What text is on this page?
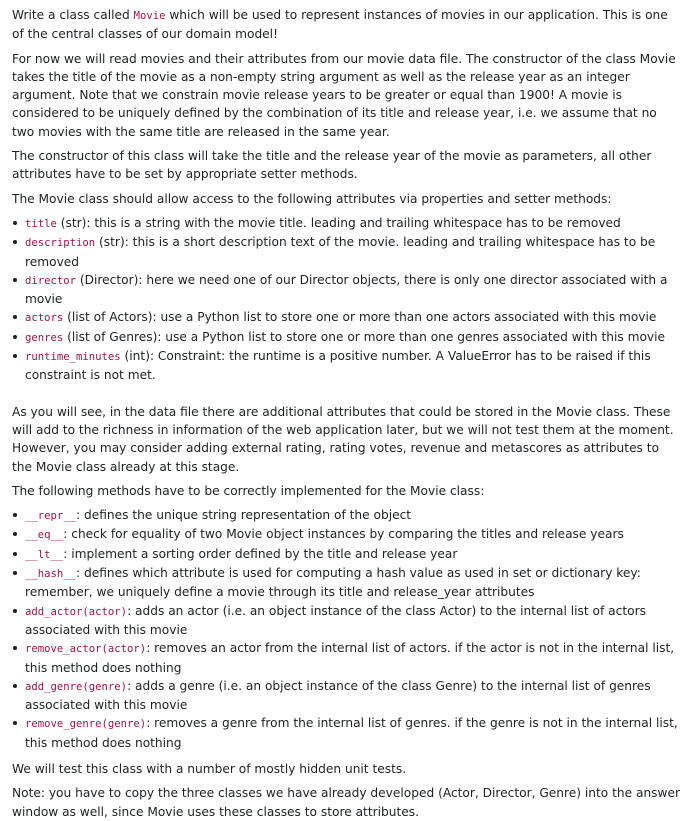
Write a class called Movie which will be used to represent instances of movies in our application. This is one of the central classes of our domain model!

For now we will read movies and their attributes from our movie data file. The constructor of the class Movie takes the title of the movie as a non-empty string argument as well as the release year as an integer argument. Note that we constrain movie release years to be greater or equal than 1900! A movie is considered to be uniquely defined by the combination of its title and release year, i.e. we assume that no two movies with the same title are released in the same year.

The constructor of this class will take the title and the release year of the movie as parameters, all other attributes have to be set by appropriate setter methods.

The Movie class should allow access to the following attributes via properties and setter methods:

title (str): this is a string with the movie title. leading and trailing whitespace has to be removed
description (str): this is a short description text of the movie. leading and trailing whitespace has to be removed
director (Director): here we need one of our Director objects, there is only one director associated with a movie
actors (list of Actors): use a Python list to store one or more than one actors associated with this movie
genres (list of Genres): use a Python list to store one or more than one genres associated with this movie
runtime_minutes (int): Constraint: the runtime is a positive number. A ValueError has to be raised if this constraint is not met.

As you will see, in the data file there are additional attributes that could be stored in the Movie class. These will add to the richness in information of the web application later, but we will not test them at the moment. However, you may consider adding external rating, rating votes, revenue and metascores as attributes to the Movie class already at this stage.

The following methods have to be correctly implemented for the Movie class:

__repr__: defines the unique string representation of the object
__eq__: check for equality of two Movie object instances by comparing the titles and release years
__lt__: implement a sorting order defined by the title and release year
__hash__: defines which attribute is used for computing a hash value as used in set or dictionary key: remember, we uniquely define a movie through its title and release_year attributes
add_actor(actor): adds an actor (i.e. an object instance of the class Actor) to the internal list of actors associated with this movie
remove_actor(actor): removes an actor from the internal list of actors. if the actor is not in the internal list, this method does nothing
add_genre(genre): adds a genre (i.e. an object instance of the class Genre) to the internal list of genres associated with this movie
remove_genre(genre): removes a genre from the internal list of genres. if the genre is not in the internal list, this method does nothing

We will test this class with a number of mostly hidden unit tests.

Note: you have to copy the three classes we have already developed (Actor, Director, Genre) into the answer window as well, since Movie uses these classes to store attributes.
